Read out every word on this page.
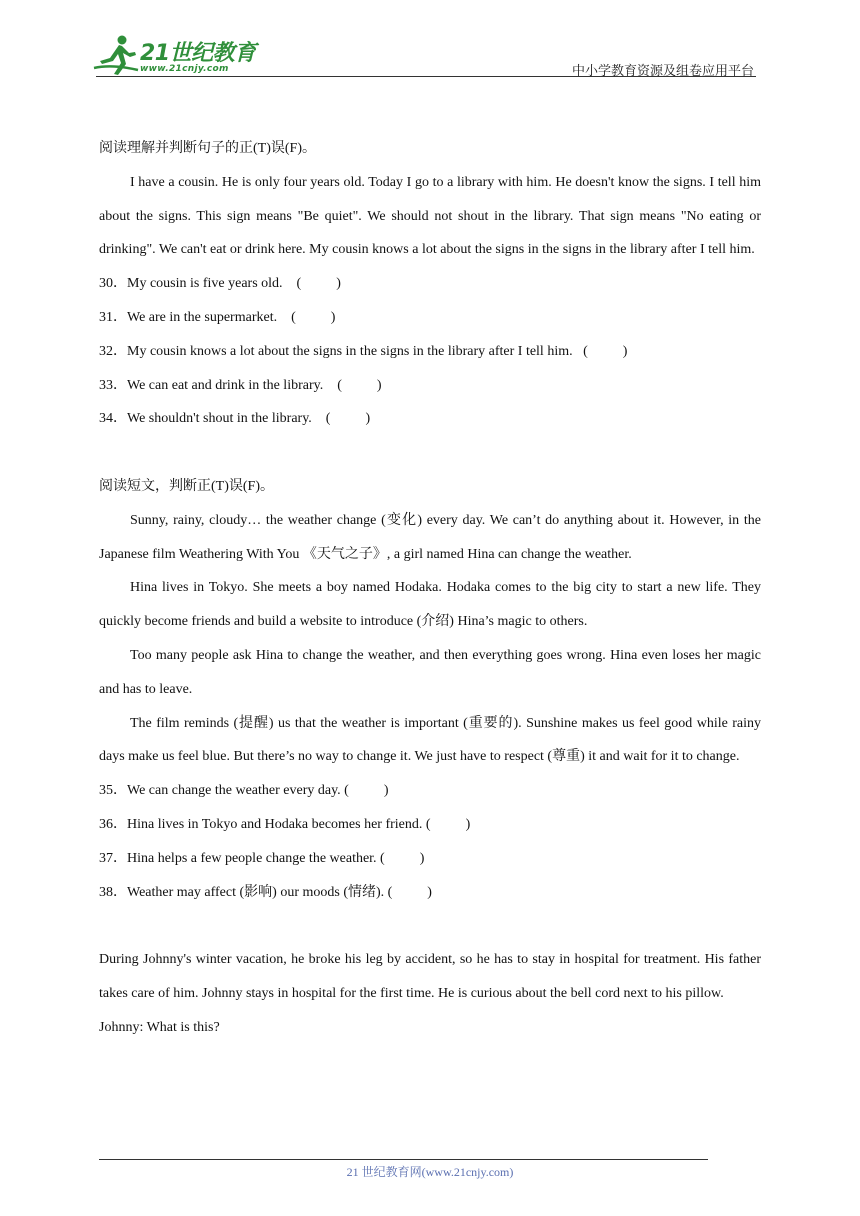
21世纪教育
www.21cnjy.com	中小学教育资源及组卷应用平台
阅读理解并判断句子的正(T)误(F)。
I have a cousin. He is only four years old. Today I go to a library with him. He doesn't know the signs. I tell him about the signs. This sign means "Be quiet". We should not shout in the library. That sign means "No eating or drinking". We can't eat or drink here. My cousin knows a lot about the signs in the signs in the library after I tell him.
30．My cousin is five years old.    (          )
31．We are in the supermarket.    (          )
32．My cousin knows a lot about the signs in the signs in the library after I tell him.   (          )
33．We can eat and drink in the library.    (          )
34．We shouldn't shout in the library.    (          )
阅读短文，判断正(T)误(F)。
Sunny, rainy, cloudy… the weather change (变化) every day. We can’t do anything about it. However, in the Japanese film Weathering With You 《天气之子》, a girl named Hina can change the weather.
Hina lives in Tokyo. She meets a boy named Hodaka. Hodaka comes to the big city to start a new life. They quickly become friends and build a website to introduce (介绍) Hina’s magic to others.
Too many people ask Hina to change the weather, and then everything goes wrong. Hina even loses her magic and has to leave.
The film reminds (提醒) us that the weather is important (重要的). Sunshine makes us feel good while rainy days make us feel blue. But there’s no way to change it. We just have to respect (尊重) it and wait for it to change.
35．We can change the weather every day. (          )
36．Hina lives in Tokyo and Hodaka becomes her friend. (          )
37．Hina helps a few people change the weather. (          )
38．Weather may affect (影响) our moods (情绪). (          )
During Johnny's winter vacation, he broke his leg by accident, so he has to stay in hospital for treatment. His father takes care of him. Johnny stays in hospital for the first time. He is curious about the bell cord next to his pillow.
Johnny: What is this?
21 世纪教育网(www.21cnjy.com)
